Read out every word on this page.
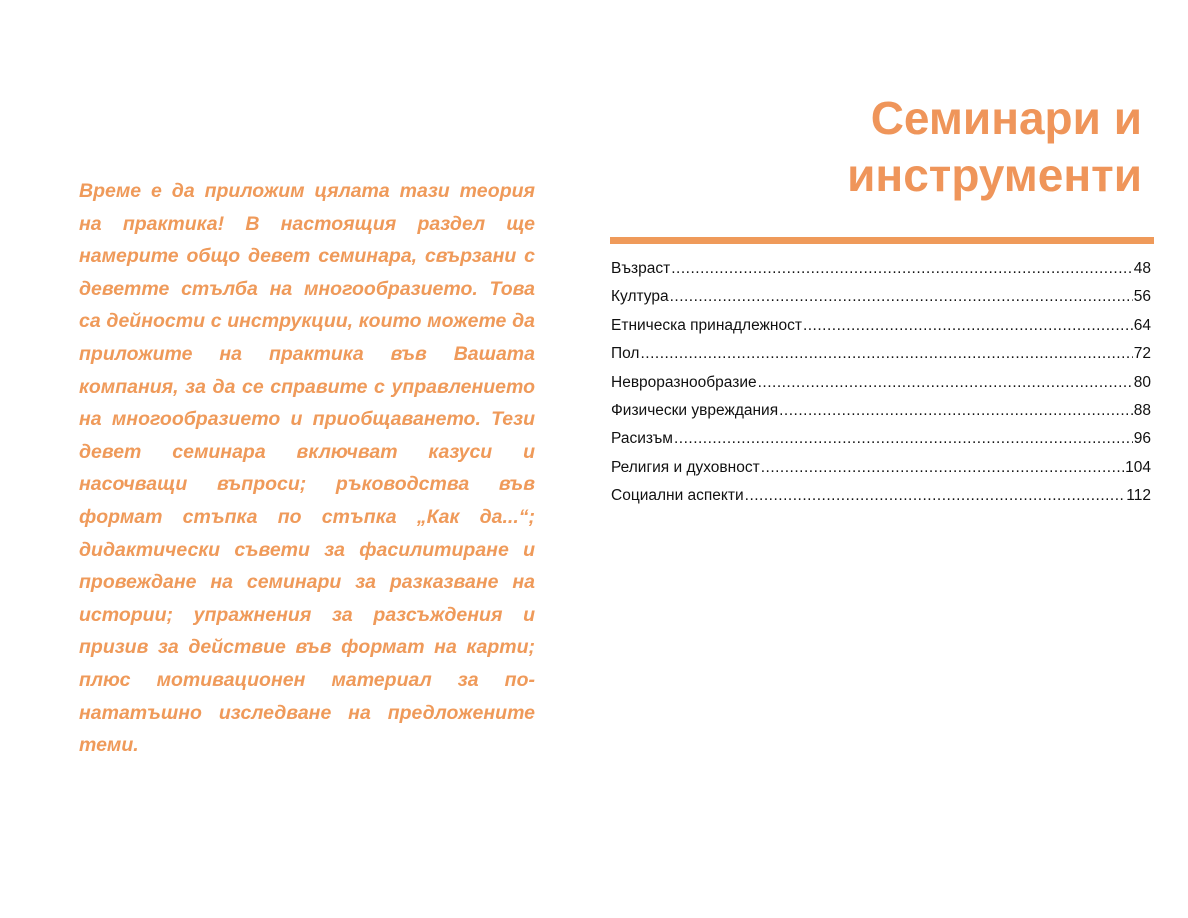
Време е да приложим цялата тази теория на практика! В настоящия раздел ще намерите общо девет семинара, свързани с деветте стълба на многообразието. Това са дейности с инструкции, които можете да приложите на практика във Вашата компания, за да се справите с управлението на многообразието и приобщаването. Тези девет семинара включват казуси и насочващи въпроси; ръководства във формат стъпка по стъпка „Как да...“; дидактически съвети за фасилитиране и провеждане на семинари за разказване на истории; упражнения за разсъждения и призив за действие във формат на карти; плюс мотивационен материал за по-нататъшно изследване на предложените теми.

Семинари и
инструменти
Възраст .....	48
Култура .....	56
Етническа принадлежност .....	64
Пол .....	72
Невроразнообразие .....	80
Физически увреждания .....	88
Расизъм .....	96
Религия и духовност .....	104
Социални аспекти .....	112
